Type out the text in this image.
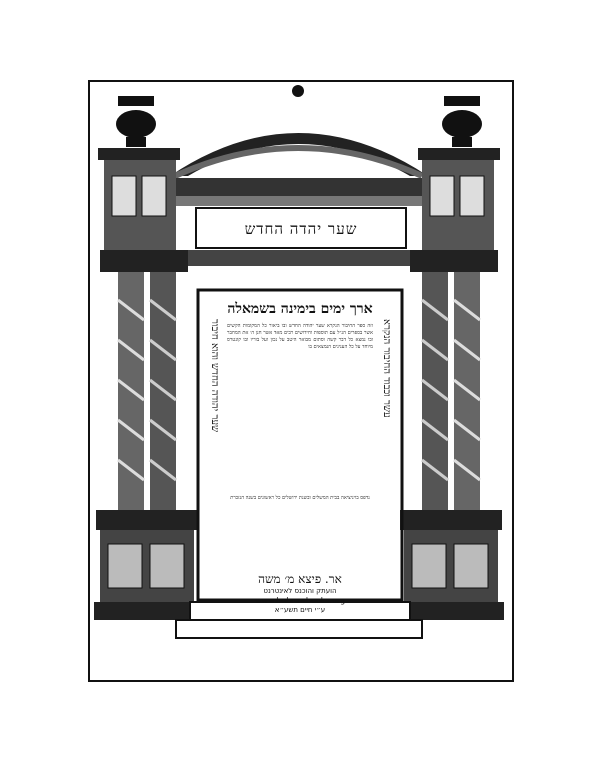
שער יהדה החדש
ארך ימים בימינה בשמאלה
עשר וכבוד החיבור הנקרא
שער יהודה החדש והוא חיבור וזה ספר החיבור הנקרא שער יהודה החדש ובו ביאור כל המקומות הקשים אשר בספרים הנ״ל עם תוספות וחידושים רבים מאד אשר חנן ה׳ את המחבר ובו נמצא כל דבר קשה וסתום מבואר היטב על נכון ועל בוריו ובו קונטרס מיוחד על כל הענינים הנמצאים בו
נדפס בויניציאה בבית המשלים ובשנת ירושלים כל ראשונים בשנה הנזכרת
אר. פיצא מ׳ משה
הועתק והוכנס לאינטרנט
www.hebrewbooks.org
ע״י חיים תשע״א
